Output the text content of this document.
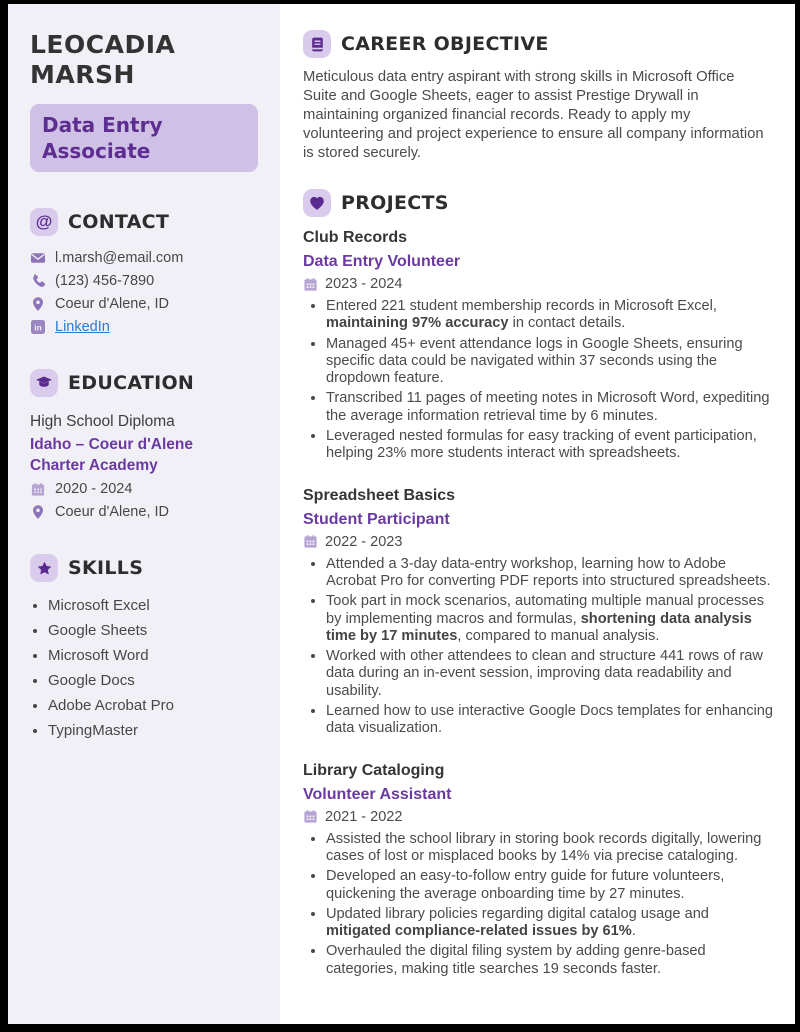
LEOCADIA MARSH
Data Entry Associate
@ CONTACT
l.marsh@email.com
(123) 456-7890
Coeur d'Alene, ID
in LinkedIn
EDUCATION
High School Diploma
Idaho – Coeur d'Alene Charter Academy
2020 - 2024
Coeur d'Alene, ID
SKILLS
• Microsoft Excel
• Google Sheets
• Microsoft Word
• Google Docs
• Adobe Acrobat Pro
• TypingMaster
CAREER OBJECTIVE

Meticulous data entry aspirant with strong skills in Microsoft Office Suite and Google Sheets, eager to assist Prestige Drywall in maintaining organized financial records. Ready to apply my volunteering and project experience to ensure all company information is stored securely.

PROJECTS
Club Records
Data Entry Volunteer
2023 - 2024
• Entered 221 student membership records in Microsoft Excel, maintaining 97% accuracy in contact details.
• Managed 45+ event attendance logs in Google Sheets, ensuring specific data could be navigated within 37 seconds using the dropdown feature.
• Transcribed 11 pages of meeting notes in Microsoft Word, expediting the average information retrieval time by 6 minutes.
• Leveraged nested formulas for easy tracking of event participation, helping 23% more students interact with spreadsheets.
Spreadsheet Basics
Student Participant
2022 - 2023
• Attended a 3-day data-entry workshop, learning how to Adobe Acrobat Pro for converting PDF reports into structured spreadsheets.
• Took part in mock scenarios, automating multiple manual processes by implementing macros and formulas, shortening data analysis time by 17 minutes, compared to manual analysis.
• Worked with other attendees to clean and structure 441 rows of raw data during an in-event session, improving data readability and usability.
• Learned how to use interactive Google Docs templates for enhancing data visualization.
Library Cataloging
Volunteer Assistant
2021 - 2022
• Assisted the school library in storing book records digitally, lowering cases of lost or misplaced books by 14% via precise cataloging.
• Developed an easy-to-follow entry guide for future volunteers, quickening the average onboarding time by 27 minutes.
• Updated library policies regarding digital catalog usage and mitigated compliance-related issues by 61%.
• Overhauled the digital filing system by adding genre-based categories, making title searches 19 seconds faster.
